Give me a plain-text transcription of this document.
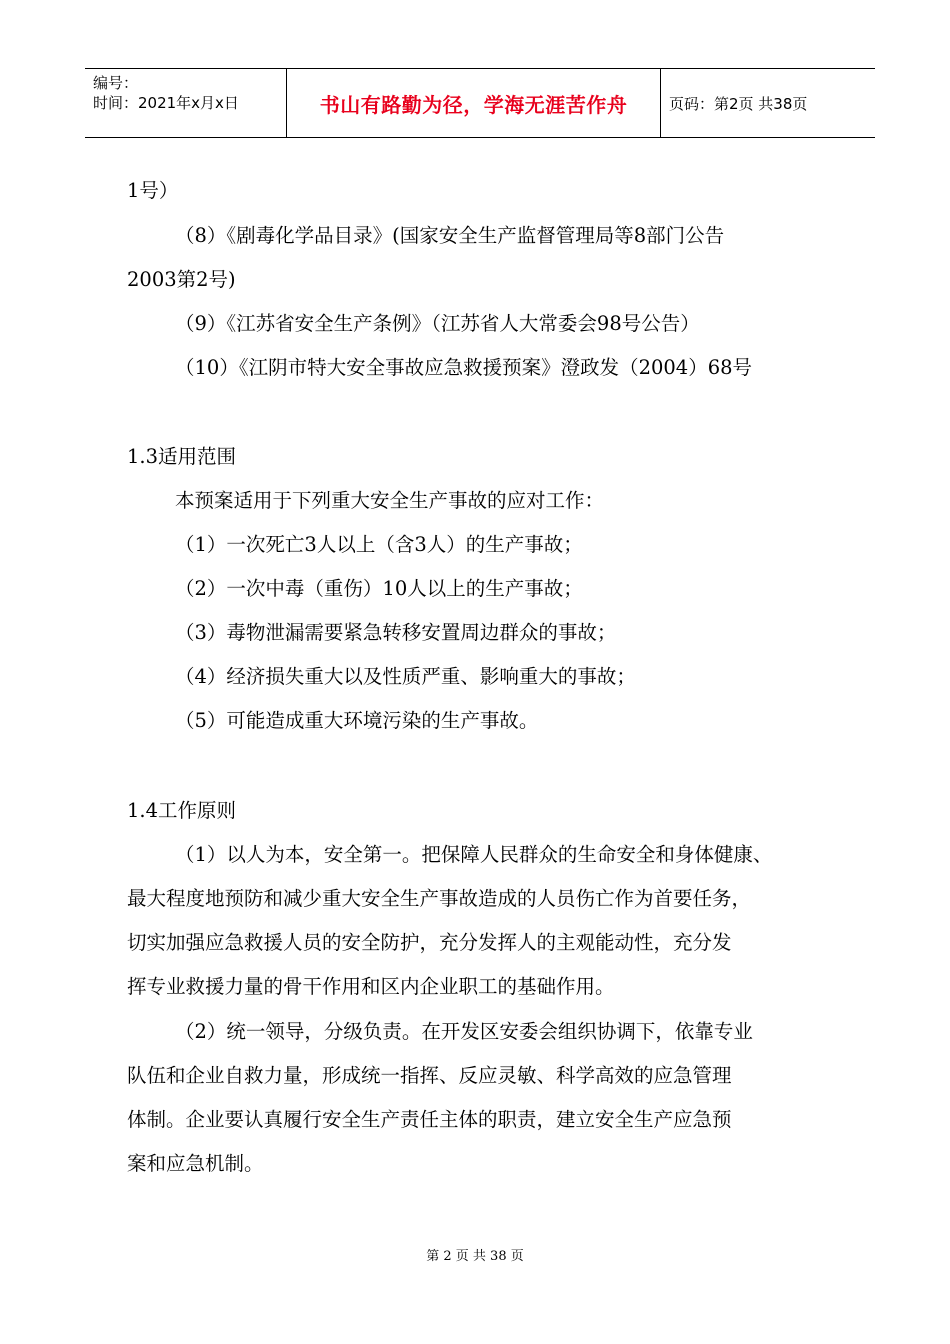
编号：
时间：2021年x月x日	书山有路勤为径，学海无涯苦作舟	页码：第2页 共38页
1号）
（8）《剧毒化学品目录》(国家安全生产监督管理局等8部门公告
2003第2号)
（9）《江苏省安全生产条例》（江苏省人大常委会98号公告）
（10）《江阴市特大安全事故应急救援预案》澄政发（2004）68号
1.3适用范围
本预案适用于下列重大安全生产事故的应对工作：
（1）一次死亡3人以上（含3人）的生产事故；
（2）一次中毒（重伤）10人以上的生产事故；
（3）毒物泄漏需要紧急转移安置周边群众的事故；
（4）经济损失重大以及性质严重、影响重大的事故；
（5）可能造成重大环境污染的生产事故。
1.4工作原则
（1）以人为本，安全第一。把保障人民群众的生命安全和身体健康、
最大程度地预防和减少重大安全生产事故造成的人员伤亡作为首要任务，
切实加强应急救援人员的安全防护，充分发挥人的主观能动性，充分发
挥专业救援力量的骨干作用和区内企业职工的基础作用。
（2）统一领导，分级负责。在开发区安委会组织协调下，依靠专业
队伍和企业自救力量，形成统一指挥、反应灵敏、科学高效的应急管理
体制。企业要认真履行安全生产责任主体的职责，建立安全生产应急预
案和应急机制。
第 2 页 共 38 页
